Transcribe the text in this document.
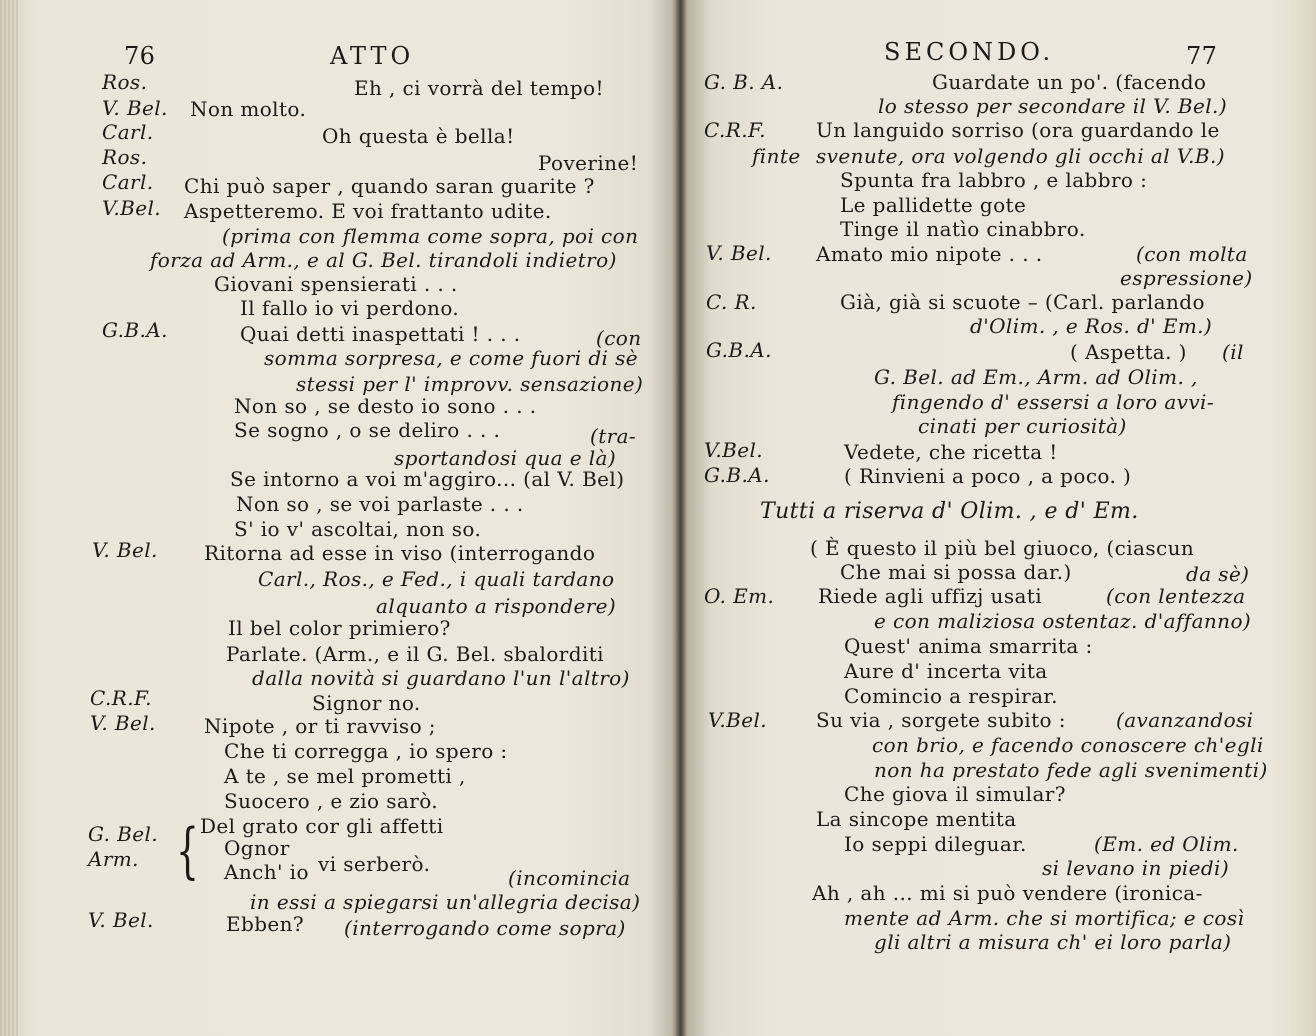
76	ATTO
Ros.	Eh , ci vorrà del tempo!
V. Bel. Non molto.
Carl.	Oh questa è bella!
Ros.	Poverine!
Carl. Chi può saper , quando saran guarite ?
V.Bel. Aspetteremo. E voi frattanto udite.
(prima con flemma come sopra, poi con
forza ad Arm., e al G. Bel. tirandoli indietro)
Giovani spensierati . . .
Il fallo io vi perdono.
G.B.A.	Quai detti inaspettati ! . . .	(con
somma sorpresa, e come fuori di sè
stessi per l' improvv. sensazione)
Non so , se desto io sono . . .
Se sogno , o se deliro . . .	(tra-
sportandosi qua e là)
Se intorno a voi m'aggiro... (al V. Bel)
Non so , se voi parlaste . . .
S' io v' ascoltai, non so.
V. Bel. Ritorna ad esse in viso (interrogando
Carl., Ros., e Fed., i quali tardano
alquanto a rispondere)
Il bel color primiero?
Parlate. (Arm., e il G. Bel. sbalorditi
dalla novità si guardano l'un l'altro)
C.R.F.	Signor no.
V. Bel. Nipote , or ti ravviso ;
Che ti corregga , io spero :
A te , se mel prometti ,
Suocero , e zio sarò.
G. Bel.
Arm. { Del grato cor gli affetti
Ognor
Anch' io vi serberò.
(incomincia
in essi a spiegarsi un'allegria decisa)
V. Bel.	Ebben? (interrogando come sopra)
SECONDO.	77
G. B. A.	Guardate un po'. (facendo
lo stesso per secondare il V. Bel.)
C.R.F.	Un languido sorriso (ora guardando le
finte svenute, ora volgendo gli occhi al V.B.)
Spunta fra labbro , e labbro :
Le pallidette gote
Tinge il natìo cinabbro.
V. Bel. Amato mio nipote . . .	(con molta
espressione)
C. R.	Già, già si scuote – (Carl. parlando
d'Olim. , e Ros. d' Em.)
G.B.A.	( Aspetta. ) (il
G. Bel. ad Em., Arm. ad Olim. ,
fingendo d' essersi a loro avvi-
cinati per curiosità)
V.Bel.	Vedete, che ricetta !
G.B.A.	( Rinvieni a poco , a poco. )
Tutti a riserva d' Olim. , e d' Em.
( È questo il più bel giuoco, (ciascun
Che mai si possa dar.)	da sè)
O. Em. Riede agli uffizj usati	(con lentezza
e con maliziosa ostentaz. d'affanno)
Quest' anima smarrita :
Aure d' incerta vita
Comincio a respirar.
V.Bel. Su via , sorgete subito :	(avanzandosi
con brio, e facendo conoscere ch'egli
non ha prestato fede agli svenimenti)
Che giova il simular?
La sincope mentita
Io seppi dileguar.	(Em. ed Olim.
si levano in piedi)
Ah , ah ... mi si può vendere (ironica-
mente ad Arm. che si mortifica; e così
gli altri a misura ch' ei loro parla)
